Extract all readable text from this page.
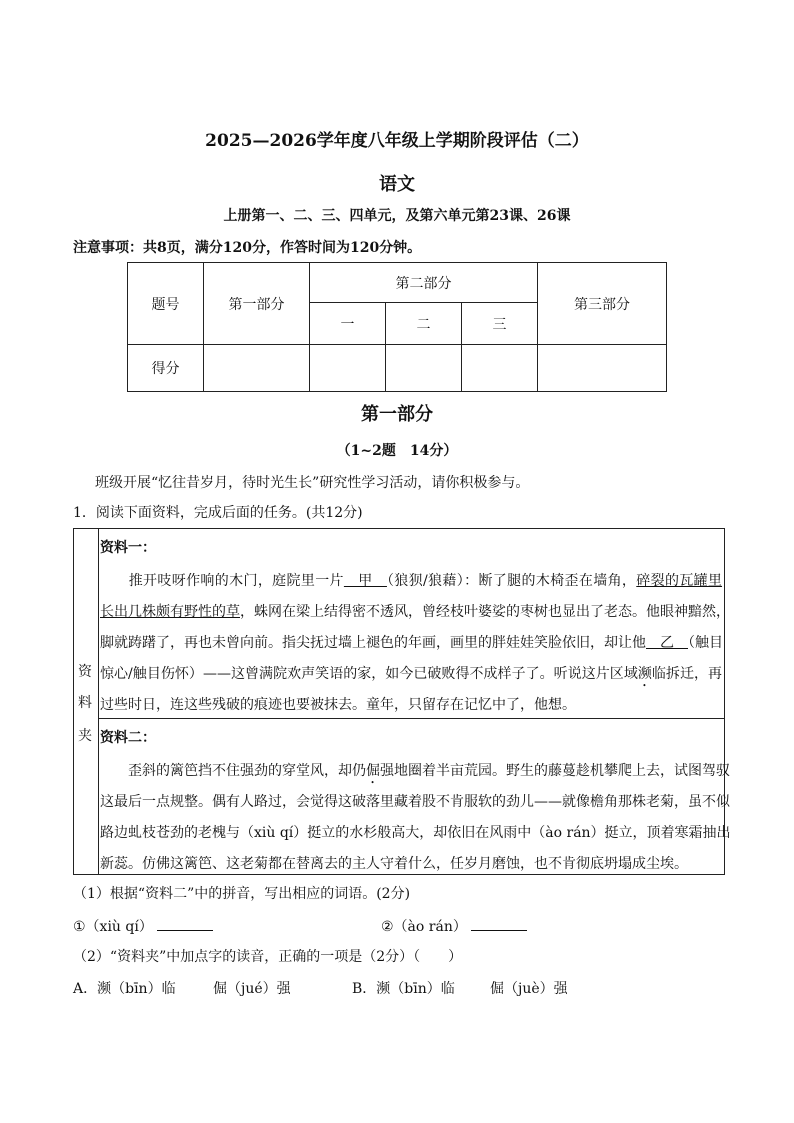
2025—2026学年度八年级上学期阶段评估（二）
语文
上册第一、二、三、四单元，及第六单元第23课、26课
注意事项：共8页，满分120分，作答时间为120分钟。
题号	第一部分	第二部分			第三部分
		一	二	三	
得分					
第一部分
（1~2题　14分）
班级开展“忆往昔岁月，待时光生长”研究性学习活动，请你积极参与。
1．阅读下面资料，完成后面的任务。(共12分)
资
料
夹
资料一：
　　推开吱呀作响的木门，庭院里一片　甲　（狼狈/狼藉）：断了腿的木椅歪在墙角，碎裂的瓦罐里
长出几株颇有野性的草，蛛网在梁上结得密不透风，曾经枝叶婆娑的枣树也显出了老态。他眼神黯然，
脚就踌躇了，再也未曾向前。指尖抚过墙上褪色的年画，画里的胖娃娃笑脸依旧，却让他　乙　（触目
惊心/触目伤怀）——这曾满院欢声笑语的家，如今已破败得不成样子了。听说这片区域濒临拆迁，再
过些时日，连这些残破的痕迹也要被抹去。童年，只留存在记忆中了，他想。
资料二：
　　歪斜的篱笆挡不住强劲的穿堂风，却仍倔强地圈着半亩荒园。野生的藤蔓趁机攀爬上去，试图驾驭
这最后一点规整。偶有人路过，会觉得这破落里藏着股不肯服软的劲儿——就像檐角那株老菊，虽不似
路边虬枝苍劲的老槐与（xiù qí）挺立的水杉般高大，却依旧在风雨中（ào rán）挺立，顶着寒霜抽出
新蕊。仿佛这篱笆、这老菊都在替离去的主人守着什么，任岁月磨蚀，也不肯彻底坍塌成尘埃。
（1）根据“资料二”中的拼音，写出相应的词语。(2分)
①（xiù qí）	②（ào rán）
（2）“资料夹”中加点字的读音，正确的一项是（2分）（　　）
A．濒（bīn）临	倔（jué）强	B．濒（bīn）临	倔（juè）强
